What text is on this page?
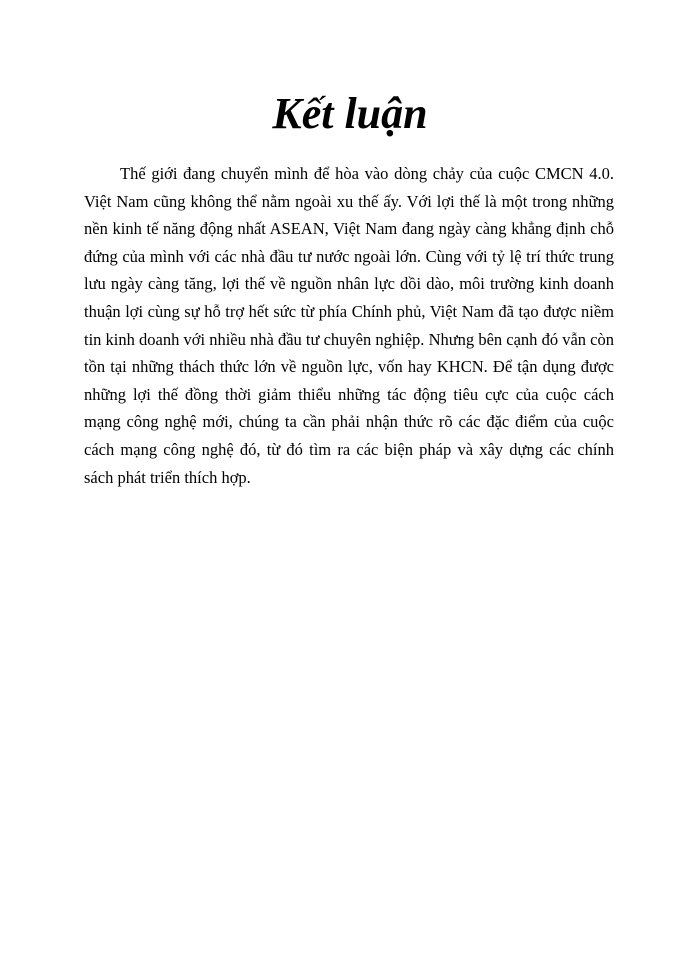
Kết luận

Thế giới đang chuyển mình để hòa vào dòng chảy của cuộc CMCN 4.0. Việt Nam cũng không thể nằm ngoài xu thế ấy. Với lợi thế là một trong những nền kinh tế năng động nhất ASEAN, Việt Nam đang ngày càng khẳng định chỗ đứng của mình với các nhà đầu tư nước ngoài lớn. Cùng với tỷ lệ trí thức trung lưu ngày càng tăng, lợi thế về nguồn nhân lực dồi dào, môi trường kinh doanh thuận lợi cùng sự hỗ trợ hết sức từ phía Chính phủ, Việt Nam đã tạo được niềm tin kinh doanh với nhiều nhà đầu tư chuyên nghiệp. Nhưng bên cạnh đó vẫn còn tồn tại những thách thức lớn về nguồn lực, vốn hay KHCN. Để tận dụng được những lợi thế đồng thời giảm thiểu những tác động tiêu cực của cuộc cách mạng công nghệ mới, chúng ta cần phải nhận thức rõ các đặc điểm của cuộc cách mạng công nghệ đó, từ đó tìm ra các biện pháp và xây dựng các chính sách phát triển thích hợp.
